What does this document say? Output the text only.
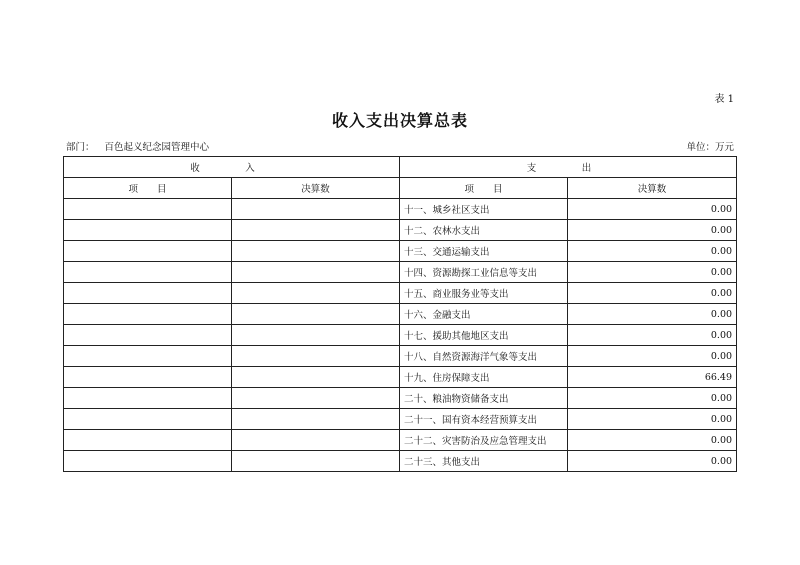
表 1
收入支出决算总表
部门： 百色起义纪念园管理中心	单位：万元
收　入		支　出	
项　　目	决算数	项　　目	决算数
		十一、城乡社区支出	0.00
		十二、农林水支出	0.00
		十三、交通运输支出	0.00
		十四、资源勘探工业信息等支出	0.00
		十五、商业服务业等支出	0.00
		十六、金融支出	0.00
		十七、援助其他地区支出	0.00
		十八、自然资源海洋气象等支出	0.00
		十九、住房保障支出	66.49
		二十、粮油物资储备支出	0.00
		二十一、国有资本经营预算支出	0.00
		二十二、灾害防治及应急管理支出	0.00
		二十三、其他支出	0.00
